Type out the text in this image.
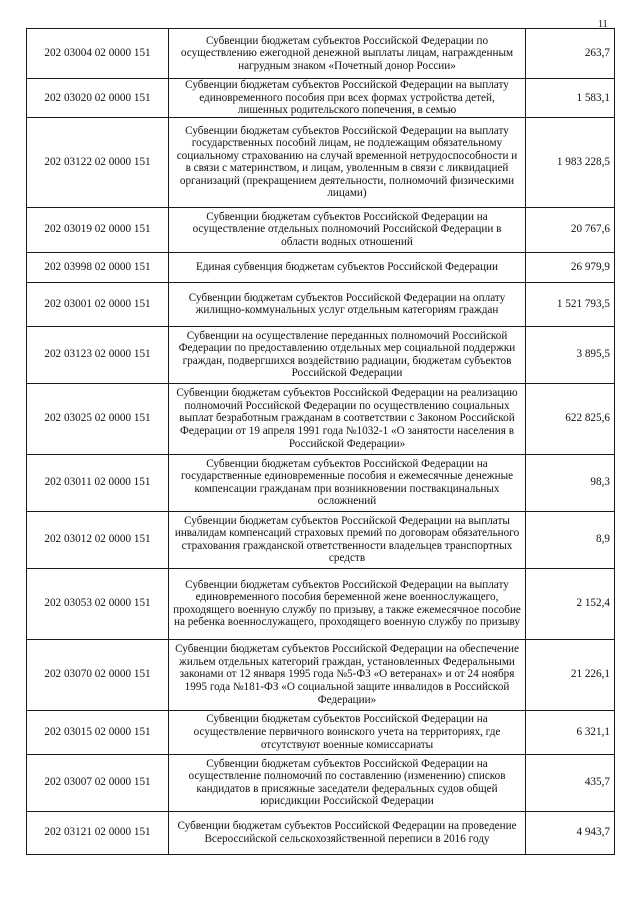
11
202 03004 02 0000 151	Субвенции бюджетам субъектов Российской Федерации по осуществлению ежегодной денежной выплаты лицам, награжденным нагрудным знаком «Почетный донор России»	263,7
202 03020 02 0000 151	Субвенции бюджетам субъектов Российской Федерации на выплату единовременного пособия при всех формах устройства детей, лишенных родительского попечения, в семью	1 583,1
202 03122 02 0000 151	Субвенции бюджетам субъектов Российской Федерации на выплату государственных пособий лицам, не подлежащим обязательному социальному страхованию на случай временной нетрудоспособности и в связи с материнством, и лицам, уволенным в связи с ликвидацией организаций (прекращением деятельности, полномочий физическими лицами)	1 983 228,5
202 03019 02 0000 151	Субвенции бюджетам субъектов Российской Федерации на осуществление отдельных полномочий Российской Федерации в области водных отношений	20 767,6
202 03998 02 0000 151	Единая субвенция бюджетам субъектов Российской Федерации	26 979,9
202 03001 02 0000 151	Субвенции бюджетам субъектов Российской Федерации на оплату жилищно-коммунальных услуг отдельным категориям граждан	1 521 793,5
202 03123 02 0000 151	Субвенции на осуществление переданных полномочий Российской Федерации по предоставлению отдельных мер социальной поддержки граждан, подвергшихся воздействию радиации, бюджетам субъектов Российской Федерации	3 895,5
202 03025 02 0000 151	Субвенции бюджетам субъектов Российской Федерации на реализацию полномочий Российской Федерации по осуществлению социальных выплат безработным гражданам в соответствии с Законом Российской Федерации от 19 апреля 1991 года №1032-1 «О занятости населения в Российской Федерации»	622 825,6
202 03011 02 0000 151	Субвенции бюджетам субъектов Российской Федерации на государственные единовременные пособия и ежемесячные денежные компенсации гражданам при возникновении поствакцинальных осложнений	98,3
202 03012 02 0000 151	Субвенции бюджетам субъектов Российской Федерации на выплаты инвалидам компенсаций страховых премий по договорам обязательного страхования гражданской ответственности владельцев транспортных средств	8,9
202 03053 02 0000 151	Субвенции бюджетам субъектов Российской Федерации на выплату единовременного пособия беременной жене военнослужащего, проходящего военную службу по призыву, а также ежемесячное пособие на ребенка военнослужащего, проходящего военную службу по призыву	2 152,4
202 03070 02 0000 151	Субвенции бюджетам субъектов Российской Федерации на обеспечение жильем отдельных категорий граждан, установленных Федеральными законами от 12 января 1995 года №5-ФЗ «О ветеранах» и от 24 ноября 1995 года №181-ФЗ «О социальной защите инвалидов в Российской Федерации»	21 226,1
202 03015 02 0000 151	Субвенции бюджетам субъектов Российской Федерации на осуществление первичного воинского учета на территориях, где отсутствуют военные комиссариаты	6 321,1
202 03007 02 0000 151	Субвенции бюджетам субъектов Российской Федерации на осуществление полномочий по составлению (изменению) списков кандидатов в присяжные заседатели федеральных судов общей юрисдикции Российской Федерации	435,7
202 03121 02 0000 151	Субвенции бюджетам субъектов Российской Федерации на проведение Всероссийской сельскохозяйственной переписи в 2016 году	4 943,7
